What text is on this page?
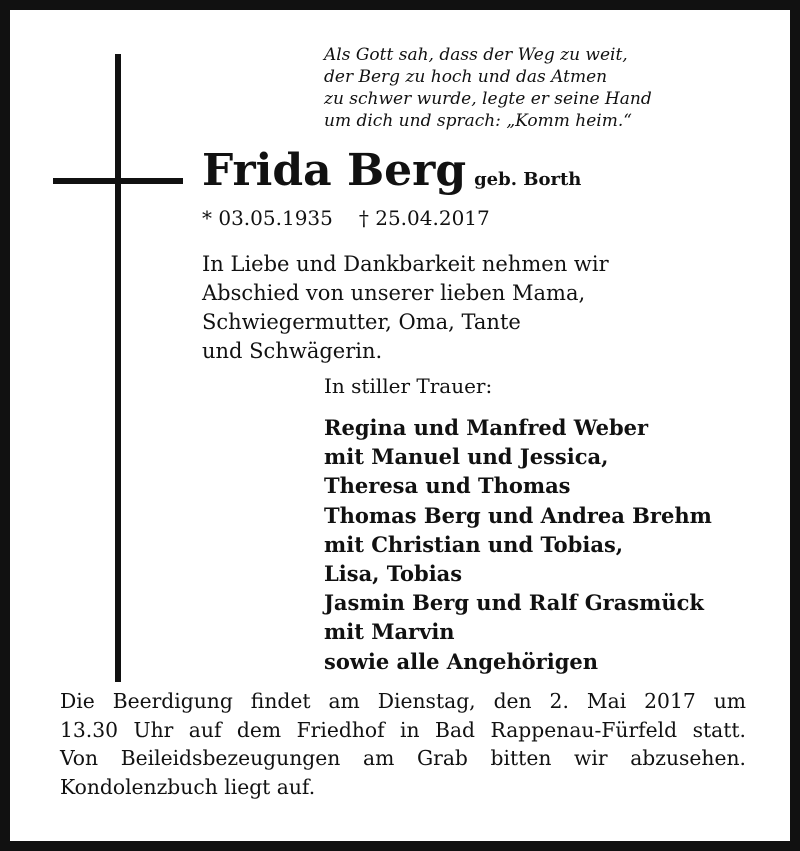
Als Gott sah, dass der Weg zu weit,
der Berg zu hoch und das Atmen
zu schwer wurde, legte er seine Hand
um dich und sprach: „Komm heim.“
Frida Berg geb. Borth
* 03.05.1935 † 25.04.2017
In Liebe und Dankbarkeit nehmen wir
Abschied von unserer lieben Mama,
Schwiegermutter, Oma, Tante
und Schwägerin.
In stiller Trauer:
Regina und Manfred Weber
mit Manuel und Jessica,
Theresa und Thomas
Thomas Berg und Andrea Brehm
mit Christian und Tobias,
Lisa, Tobias
Jasmin Berg und Ralf Grasmück
mit Marvin
sowie alle Angehörigen
Die Beerdigung findet am Dienstag, den 2. Mai 2017 um
13.30 Uhr auf dem Friedhof in Bad Rappenau-Fürfeld statt.
Von Beileidsbezeugungen am Grab bitten wir abzusehen.
Kondolenzbuch liegt auf.
